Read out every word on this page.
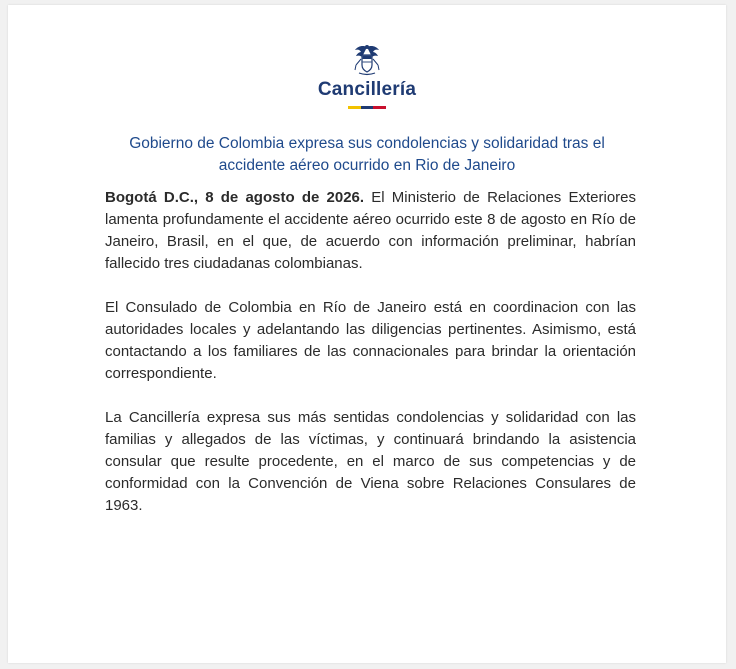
Cancillería
Gobierno de Colombia expresa sus condolencias y solidaridad tras el
accidente aéreo ocurrido en Rio de Janeiro

Bogotá D.C., 8 de agosto de 2026. El Ministerio de Relaciones Exteriores lamenta profundamente el accidente aéreo ocurrido este 8 de agosto en Río de Janeiro, Brasil, en el que, de acuerdo con información preliminar, habrían fallecido tres ciudadanas colombianas.

El Consulado de Colombia en Río de Janeiro está en coordinacion con las autoridades locales y adelantando las diligencias pertinentes. Asimismo, está contactando a los familiares de las connacionales para brindar la orientación correspondiente.

La Cancillería expresa sus más sentidas condolencias y solidaridad con las familias y allegados de las víctimas, y continuará brindando la asistencia consular que resulte procedente, en el marco de sus competencias y de conformidad con la Convención de Viena sobre Relaciones Consulares de 1963.
